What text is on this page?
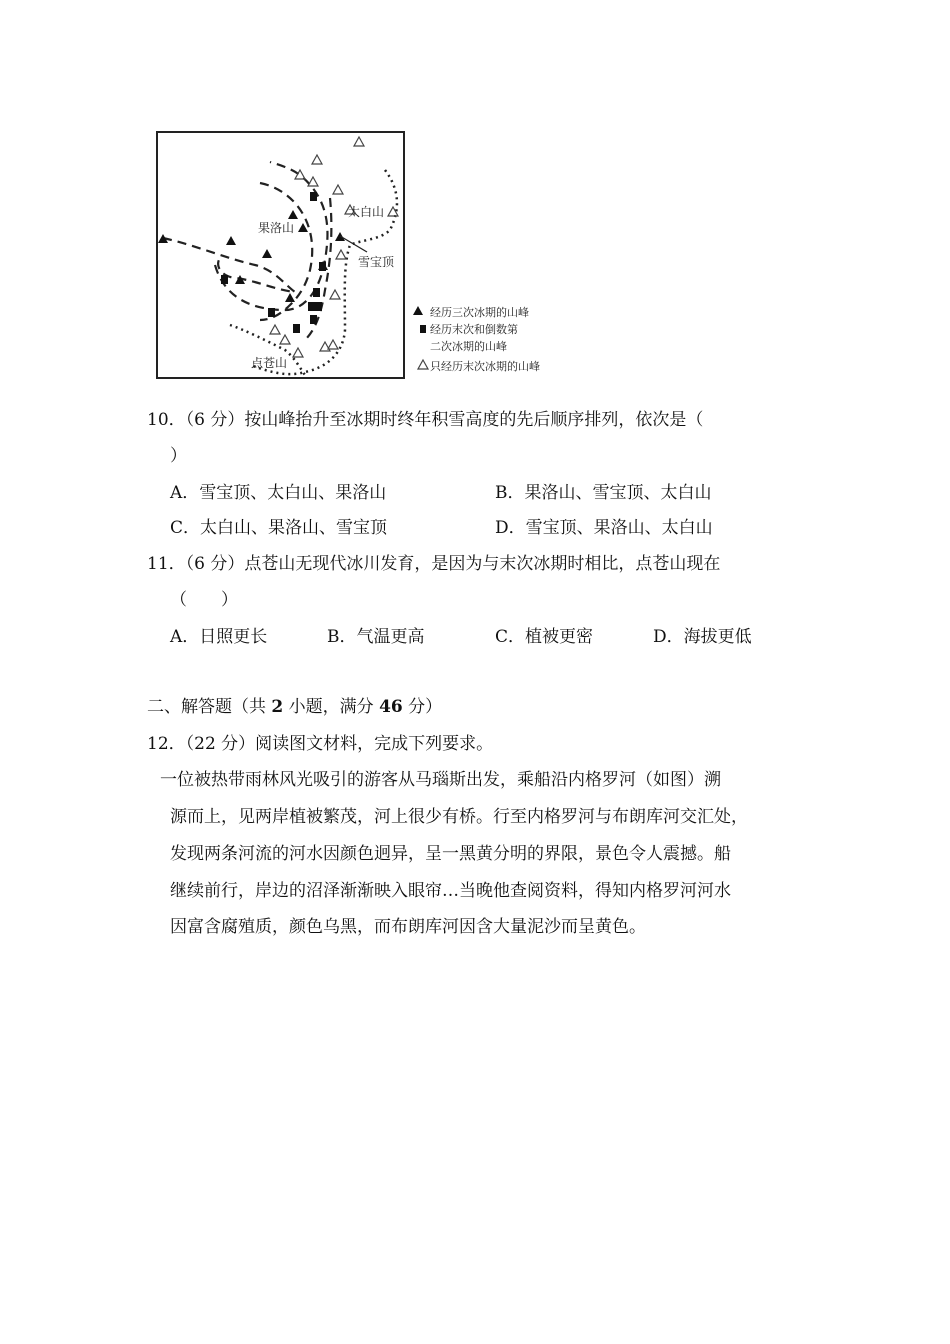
太白山
果洛山
雪宝顶
点苍山
经历三次冰期的山峰
经历末次和倒数第
二次冰期的山峰
只经历末次冰期的山峰
10．（6 分）按山峰抬升至冰期时终年积雪高度的先后顺序排列，依次是（
）
A．雪宝顶、太白山、果洛山	B．果洛山、雪宝顶、太白山
C．太白山、果洛山、雪宝顶	D．雪宝顶、果洛山、太白山
11．（6 分）点苍山无现代冰川发育，是因为与末次冰期时相比，点苍山现在
（　　）
A．日照更长	B．气温更高	C．植被更密	D．海拔更低
二、解答题（共 2 小题，满分 46 分）
12．（22 分）阅读图文材料，完成下列要求。
一位被热带雨林风光吸引的游客从马瑙斯出发，乘船沿内格罗河（如图）溯
源而上，见两岸植被繁茂，河上很少有桥。行至内格罗河与布朗库河交汇处，
发现两条河流的河水因颜色迥异，呈一黑黄分明的界限，景色令人震撼。船
继续前行，岸边的沼泽渐渐映入眼帘…当晚他查阅资料，得知内格罗河河水
因富含腐殖质，颜色乌黑，而布朗库河因含大量泥沙而呈黄色。
